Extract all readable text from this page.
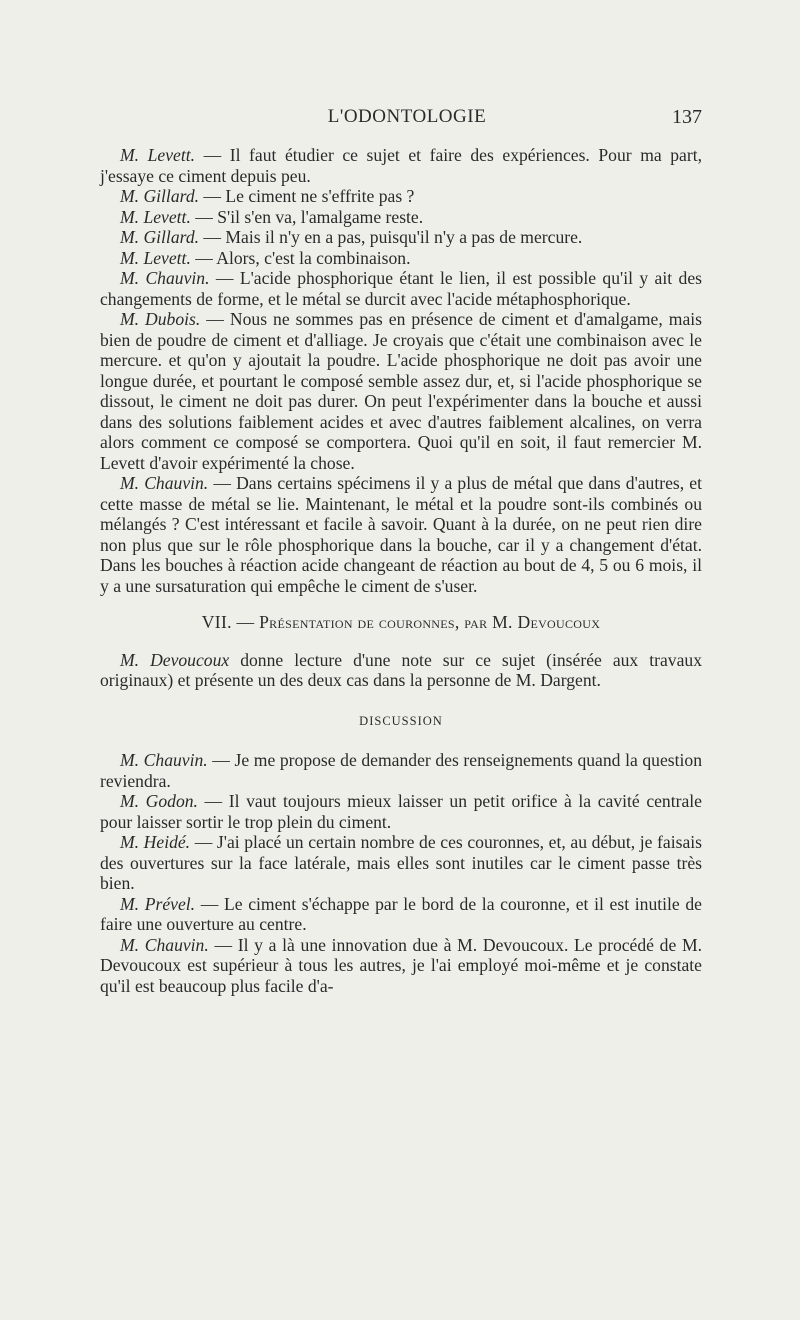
L'ODONTOLOGIE	137

M. Levett. — Il faut étudier ce sujet et faire des expériences. Pour ma part, j'essaye ce ciment depuis peu.

M. Gillard. — Le ciment ne s'effrite pas ?

M. Levett. — S'il s'en va, l'amalgame reste.

M. Gillard. — Mais il n'y en a pas, puisqu'il n'y a pas de mercure.

M. Levett. — Alors, c'est la combinaison.

M. Chauvin. — L'acide phosphorique étant le lien, il est possible qu'il y ait des changements de forme, et le métal se durcit avec l'acide métaphosphorique.

M. Dubois. — Nous ne sommes pas en présence de ciment et d'amalgame, mais bien de poudre de ciment et d'alliage. Je croyais que c'était une combinaison avec le mercure. et qu'on y ajoutait la poudre. L'acide phosphorique ne doit pas avoir une longue durée, et pourtant le composé semble assez dur, et, si l'acide phosphorique se dissout, le ciment ne doit pas durer. On peut l'expérimenter dans la bouche et aussi dans des solutions faiblement acides et avec d'autres faiblement alcalines, on verra alors comment ce composé se comportera. Quoi qu'il en soit, il faut remercier M. Levett d'avoir expérimenté la chose.

M. Chauvin. — Dans certains spécimens il y a plus de métal que dans d'autres, et cette masse de métal se lie. Maintenant, le métal et la poudre sont-ils combinés ou mélangés ? C'est intéressant et facile à savoir. Quant à la durée, on ne peut rien dire non plus que sur le rôle phosphorique dans la bouche, car il y a changement d'état. Dans les bouches à réaction acide changeant de réaction au bout de 4, 5 ou 6 mois, il y a une sursaturation qui empêche le ciment de s'user.

VII. — Présentation de couronnes, par M. Devoucoux

M. Devoucoux donne lecture d'une note sur ce sujet (insérée aux travaux originaux) et présente un des deux cas dans la personne de M. Dargent.

DISCUSSION

M. Chauvin. — Je me propose de demander des renseignements quand la question reviendra.

M. Godon. — Il vaut toujours mieux laisser un petit orifice à la cavité centrale pour laisser sortir le trop plein du ciment.

M. Heidé. — J'ai placé un certain nombre de ces couronnes, et, au début, je faisais des ouvertures sur la face latérale, mais elles sont inutiles car le ciment passe très bien.

M. Prével. — Le ciment s'échappe par le bord de la couronne, et il est inutile de faire une ouverture au centre.

M. Chauvin. — Il y a là une innovation due à M. Devoucoux. Le procédé de M. Devoucoux est supérieur à tous les autres, je l'ai employé moi-même et je constate qu'il est beaucoup plus facile d'a-
